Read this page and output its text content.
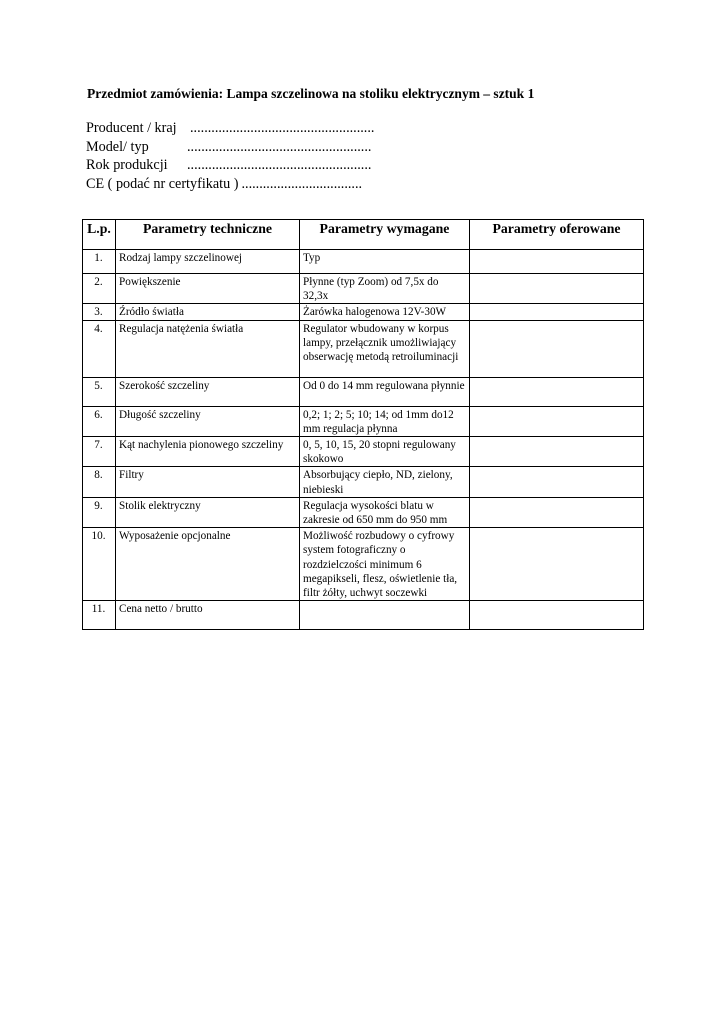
Przedmiot zamówienia: Lampa szczelinowa na stoliku elektrycznym – sztuk 1
Producent / kraj ....................................................
Model/ typ	....................................................
Rok produkcji	....................................................
CE ( podać nr certyfikatu ) ..................................
L.p.	Parametry techniczne	Parametry wymagane	Parametry oferowane
1.	Rodzaj lampy szczelinowej	Typ	
2.	Powiększenie	Płynne (typ Zoom) od 7,5x do 32,3x	
3.	Źródło światła	Żarówka halogenowa 12V-30W	
4.	Regulacja natężenia światła	Regulator wbudowany w korpus lampy, przełącznik umożliwiający obserwację metodą retroiluminacji	
5.	Szerokość szczeliny	Od 0 do 14 mm regulowana płynnie	
6.	Długość szczeliny	0,2; 1; 2; 5; 10; 14; od 1mm do12 mm regulacja płynna	
7.	Kąt nachylenia pionowego szczeliny	0, 5, 10, 15, 20 stopni regulowany skokowo	
8.	Filtry	Absorbujący ciepło, ND, zielony, niebieski	
9.	Stolik elektryczny	Regulacja wysokości blatu w zakresie od 650 mm do 950 mm	
10.	Wyposażenie opcjonalne	Możliwość rozbudowy o cyfrowy system fotograficzny o rozdzielczości minimum 6 megapikseli, flesz, oświetlenie tła, filtr żółty, uchwyt soczewki	
11.	Cena netto / brutto		
